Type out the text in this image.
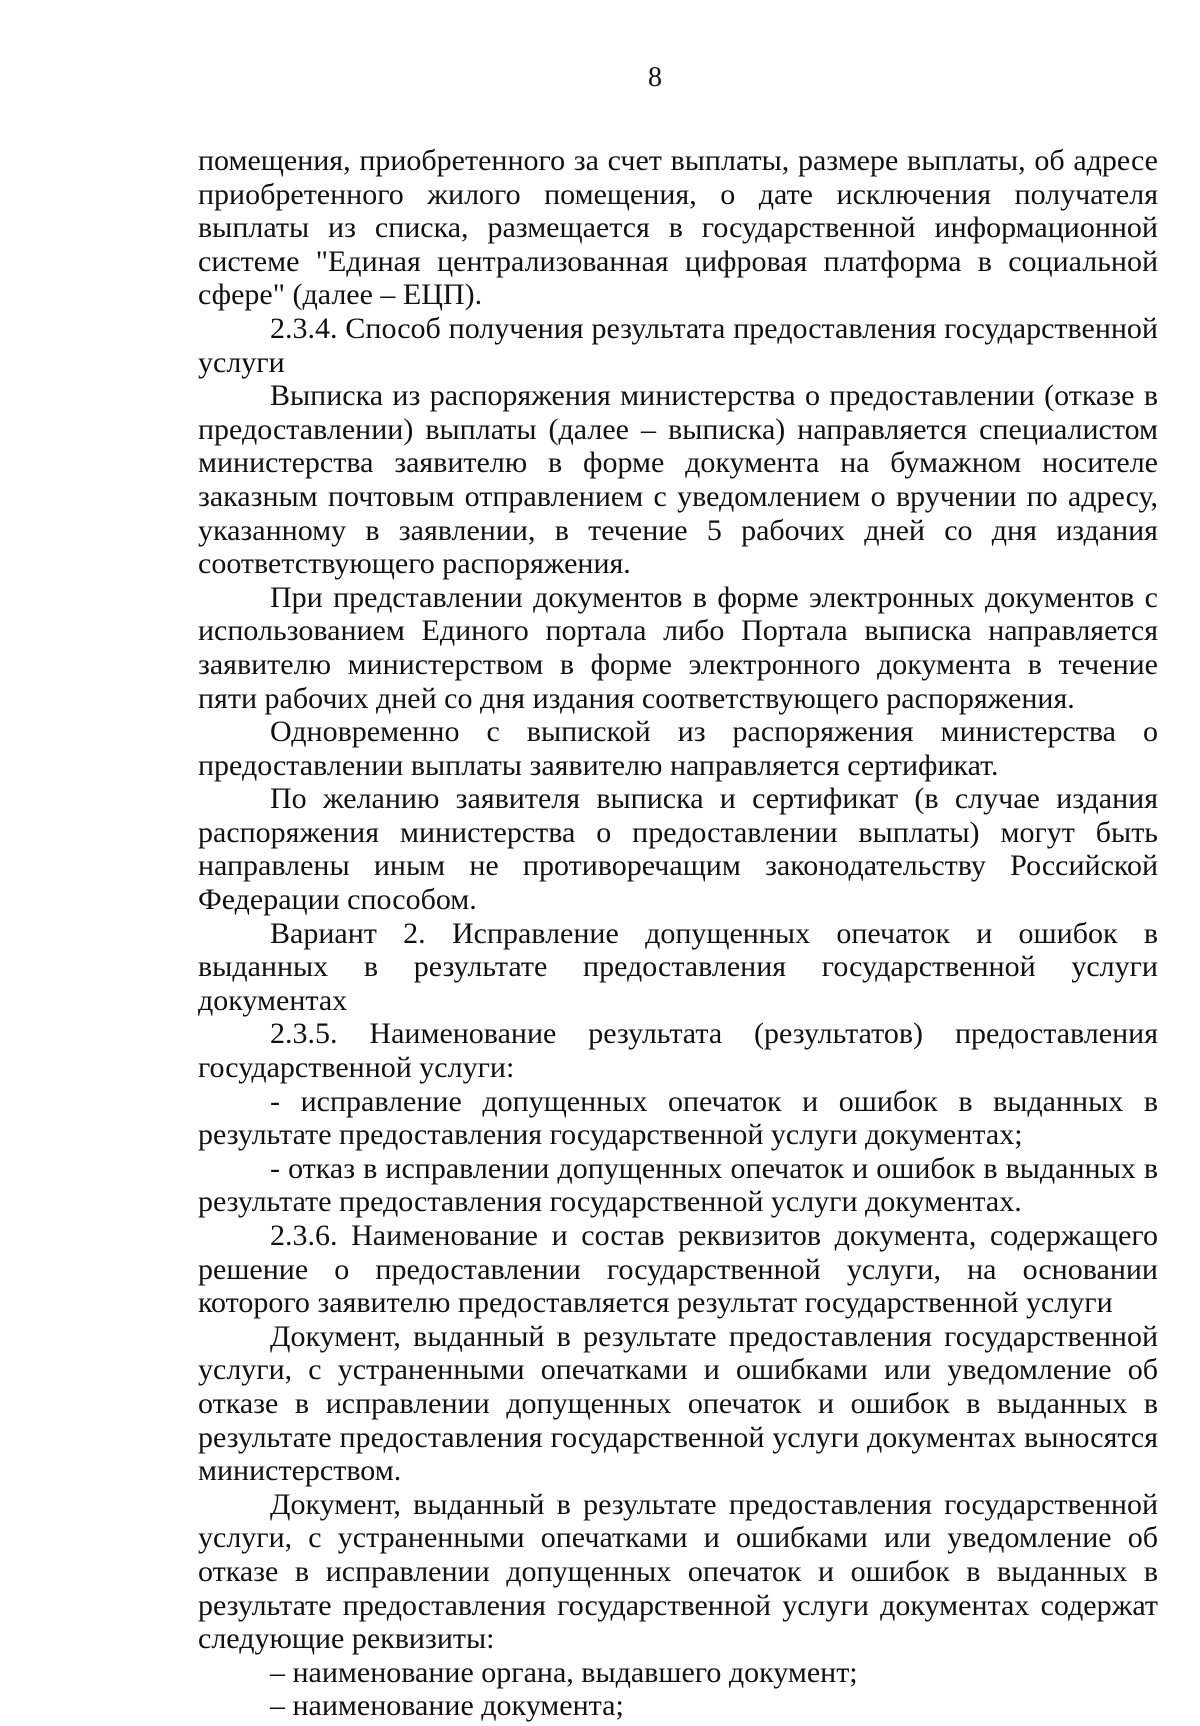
8

помещения, приобретенного за счет выплаты, размере выплаты, об адресе приобретенного жилого помещения, о дате исключения получателя выплаты из списка, размещается в государственной информационной системе "Единая централизованная цифровая платформа в социальной сфере" (далее – ЕЦП).

2.3.4. Способ получения результата предоставления государственной услуги

Выписка из распоряжения министерства о предоставлении (отказе в предоставлении) выплаты (далее – выписка) направляется специалистом министерства заявителю в форме документа на бумажном носителе заказным почтовым отправлением с уведомлением о вручении по адресу, указанному в заявлении, в течение 5 рабочих дней со дня издания соответствующего распоряжения.

При представлении документов в форме электронных документов с использованием Единого портала либо Портала выписка направляется заявителю министерством в форме электронного документа в течение пяти рабочих дней со дня издания соответствующего распоряжения.

Одновременно с выпиской из распоряжения министерства о предоставлении выплаты заявителю направляется сертификат.

По желанию заявителя выписка и сертификат (в случае издания распоряжения министерства о предоставлении выплаты) могут быть направлены иным не противоречащим законодательству Российской Федерации способом.

Вариант 2. Исправление допущенных опечаток и ошибок в выданных в результате предоставления государственной услуги документах

2.3.5. Наименование результата (результатов) предоставления государственной услуги:

- исправление допущенных опечаток и ошибок в выданных в результате предоставления государственной услуги документах;

- отказ в исправлении допущенных опечаток и ошибок в выданных в результате предоставления государственной услуги документах.

2.3.6. Наименование и состав реквизитов документа, содержащего решение о предоставлении государственной услуги, на основании которого заявителю предоставляется результат государственной услуги

Документ, выданный в результате предоставления государственной услуги, с устраненными опечатками и ошибками или уведомление об отказе в исправлении допущенных опечаток и ошибок в выданных в результате предоставления государственной услуги документах выносятся министерством.

Документ, выданный в результате предоставления государственной услуги, с устраненными опечатками и ошибками или уведомление об отказе в исправлении допущенных опечаток и ошибок в выданных в результате предоставления государственной услуги документах содержат следующие реквизиты:

– наименование органа, выдавшего документ;

– наименование документа;
